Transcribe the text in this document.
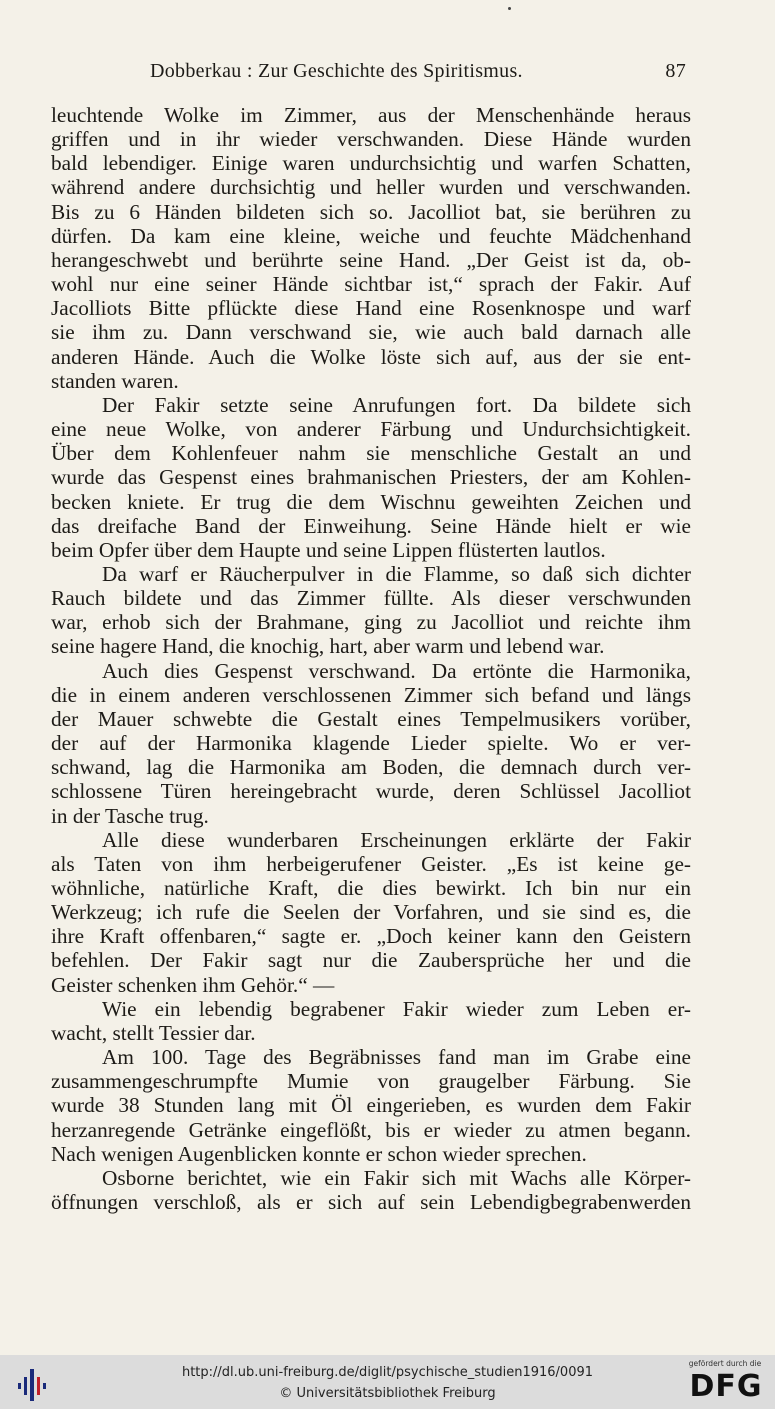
Dobberkau : Zur Geschichte des Spiritismus.	87

leuchtende Wolke im Zimmer, aus der Menschenhände heraus

griffen und in ihr wieder verschwanden. Diese Hände wurden

bald lebendiger. Einige waren undurchsichtig und warfen Schatten,

während andere durchsichtig und heller wurden und verschwanden.

Bis zu 6 Händen bildeten sich so. Jacolliot bat, sie berühren zu

dürfen. Da kam eine kleine, weiche und feuchte Mädchenhand

herangeschwebt und berührte seine Hand. „Der Geist ist da, ob-

wohl nur eine seiner Hände sichtbar ist,“ sprach der Fakir. Auf

Jacolliots Bitte pflückte diese Hand eine Rosenknospe und warf

sie ihm zu. Dann verschwand sie, wie auch bald darnach alle

anderen Hände. Auch die Wolke löste sich auf, aus der sie ent-

standen waren.

Der Fakir setzte seine Anrufungen fort. Da bildete sich

eine neue Wolke, von anderer Färbung und Undurchsichtigkeit.

Über dem Kohlenfeuer nahm sie menschliche Gestalt an und

wurde das Gespenst eines brahmanischen Priesters, der am Kohlen-

becken kniete. Er trug die dem Wischnu geweihten Zeichen und

das dreifache Band der Einweihung. Seine Hände hielt er wie

beim Opfer über dem Haupte und seine Lippen flüsterten lautlos.

Da warf er Räucherpulver in die Flamme, so daß sich dichter

Rauch bildete und das Zimmer füllte. Als dieser verschwunden

war, erhob sich der Brahmane, ging zu Jacolliot und reichte ihm

seine hagere Hand, die knochig, hart, aber warm und lebend war.

Auch dies Gespenst verschwand. Da ertönte die Harmonika,

die in einem anderen verschlossenen Zimmer sich befand und längs

der Mauer schwebte die Gestalt eines Tempelmusikers vorüber,

der auf der Harmonika klagende Lieder spielte. Wo er ver-

schwand, lag die Harmonika am Boden, die demnach durch ver-

schlossene Türen hereingebracht wurde, deren Schlüssel Jacolliot

in der Tasche trug.

Alle diese wunderbaren Erscheinungen erklärte der Fakir

als Taten von ihm herbeigerufener Geister. „Es ist keine ge-

wöhnliche, natürliche Kraft, die dies bewirkt. Ich bin nur ein

Werkzeug; ich rufe die Seelen der Vorfahren, und sie sind es, die

ihre Kraft offenbaren,“ sagte er. „Doch keiner kann den Geistern

befehlen. Der Fakir sagt nur die Zaubersprüche her und die

Geister schenken ihm Gehör.“ —

Wie ein lebendig begrabener Fakir wieder zum Leben er-

wacht, stellt Tessier dar.

Am 100. Tage des Begräbnisses fand man im Grabe eine

zusammengeschrumpfte Mumie von graugelber Färbung. Sie

wurde 38 Stunden lang mit Öl eingerieben, es wurden dem Fakir

herzanregende Getränke eingeflößt, bis er wieder zu atmen begann.

Nach wenigen Augenblicken konnte er schon wieder sprechen.

Osborne berichtet, wie ein Fakir sich mit Wachs alle Körper-

öffnungen verschloß, als er sich auf sein Lebendigbegrabenwerden

http://dl.ub.uni-freiburg.de/diglit/psychische_studien1916/0091
© Universitätsbibliothek Freiburg
gefördert durch die
DFG
